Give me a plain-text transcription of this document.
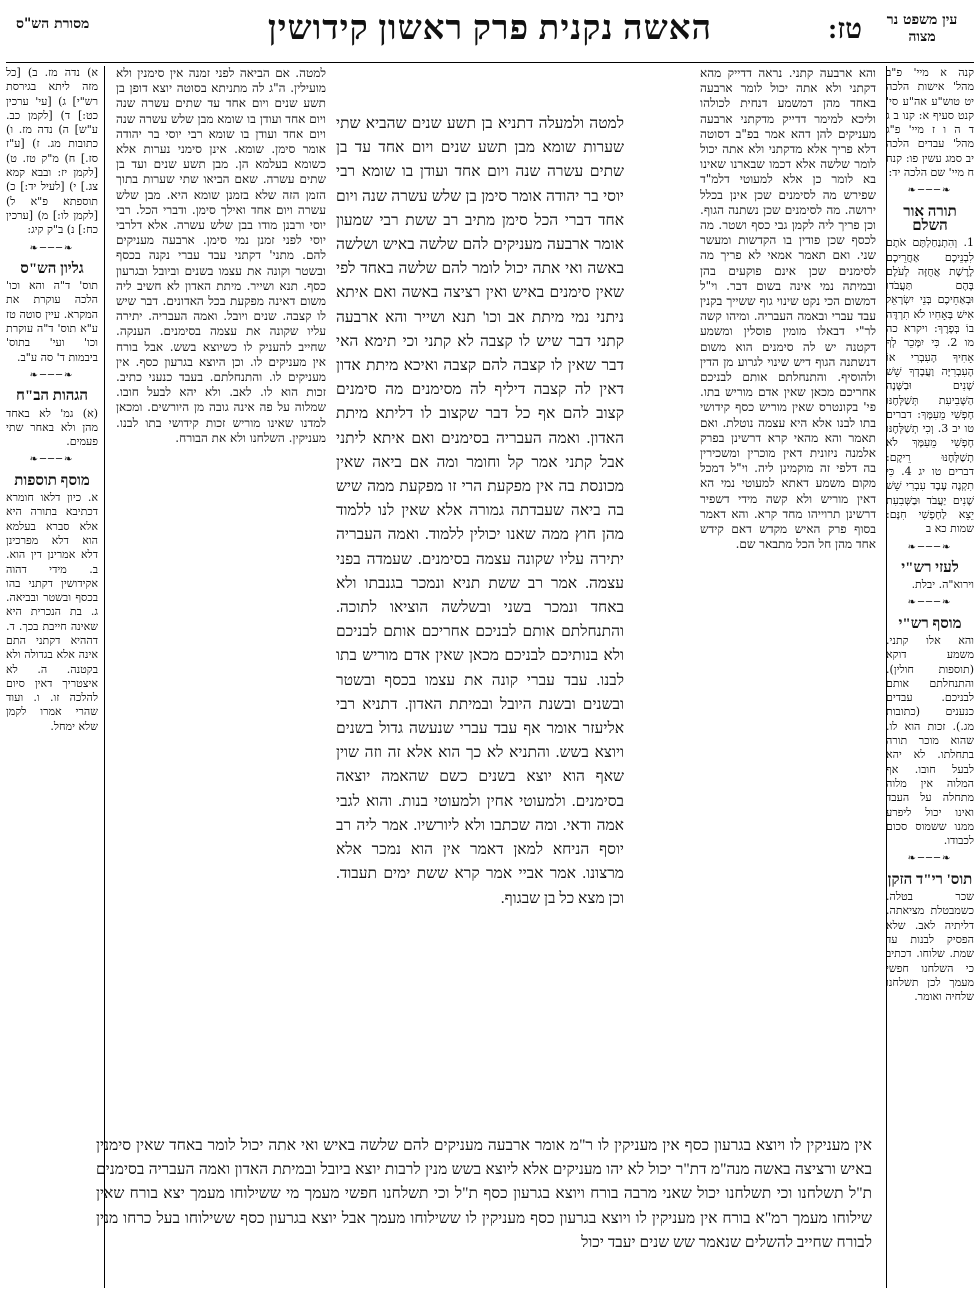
עין משפט נר מצוה
טז:
האשה נקנית פרק ראשון קידושין
מסורת הש"ס

קנה א מיי' פ"ב מהל' אישות הלכה יט טוש"ע אה"ע סי' קנט סעיף א: קנו ב ג ד ה ו ז מיי' פ"ג מהל' עבדים הלכה יב סמג עשין פו: קנח ח מיי' שם הלכה יד:

❧───❧
תורה אור השלם

1. וְהִתְנַחַלְתֶּם אֹתָם לִבְנֵיכֶם אַחֲרֵיכֶם לָרֶשֶׁת אֲחֻזָּה לְעֹלָם בָּהֶם תַּעֲבֹדוּ וּבְאַחֵיכֶם בְּנֵי יִשְׂרָאֵל אִישׁ בְּאָחִיו לֹא תִרְדֶּה בוֹ בְּפָרֶךְ: ויקרא כה מו 2. כִּי יִמָּכֵר לְךָ אָחִיךָ הָעִבְרִי אוֹ הָעִבְרִיָּה וַעֲבָדְךָ שֵׁשׁ שָׁנִים וּבַשָּׁנָה הַשְּׁבִיעִת תְּשַׁלְּחֶנּוּ חָפְשִׁי מֵעִמָּךְ: דברים טו יב 3. וְכִי תְשַׁלְּחֶנּוּ חָפְשִׁי מֵעִמָּךְ לֹא תְשַׁלְּחֶנּוּ רֵיקָם: דברים טו יג 4. כִּי תִקְנֶה עֶבֶד עִבְרִי שֵׁשׁ שָׁנִים יַעֲבֹד וּבַשְּׁבִעִת יֵצֵא לַחָפְשִׁי חִנָּם: שמות כא ב

❧───❧
לעזי רש"י

וירוא"ה. יבלת.

❧───❧
מוסף רש"י

והא אלו קתני. משמע דוקא (תוספות חולין). והתנחלתם אותם לבניכם. עבדים כנענים (כתובות מג.). זכות הוא לו. שהוא מוכר תורה בתחלתו. לא יהא לבעל חובו. אף המלוה אין מלוה מתחלה על העבד ואינו יכול ליפרע ממנו ששמוס סכום לכבודו.

❧───❧
תוס' רי"ד הזקן

שכר בטלה. כשמבטלת מציאתה. דליתיה לאב. שלא הפסיק לבנות עד שמת. שלוחו. דכתיב כי השלחנו חפשי מעמך לכן תשלחנו שלחיה ואומר.

והא ארבעה קתני. נראה דדייק מהא דקתני ולא אתה יכול לומר ארבעה באחד מהן דמשמע דנחית לכולהו וליכא למימר דדייק מדקתני ארבעה מעניקים להן דהא אמר בפ"ב דסוטה דלא פריך אלא מדקתני ולא אתה יכול לומר שלשה אלא דכמו שבארנו שאינו בא לומר כן אלא למעוטי דלמ"ד שפירש מה לסימנים שכן אינן בכלל ירושה. מה לסימנים שכן נשתנה הגוף. וכן פריך ליה לקמן גבי כסף ושטר. מה לכסף שכן פודין בו הקדשות ומעשר שני. ואם תאמר אמאי לא פריך מה לסימנים שכן אינם פוקעים בהן ובמיתה נמי אינה בשום דבר. וי"ל דמשום הכי נקט שינוי גוף ששייך בקנין עבד עברי ובאמה העבריה. ומיהו קשה לר"י דבאלו מומין פוסלין ומשמע דקטנה יש לה סימנים הוא משום דנשתנה הגוף דיש שינוי לגרוע מן הדין ולהוסיף. והתנחלתם אותם לבניכם אחריכם מכאן שאין אדם מוריש בתו. פי' בקונטרס שאין מוריש כסף קידושי בתו לבנו אלא היא עצמה נוטלת. ואם תאמר והא מהאי קרא דרשינן בפרק אלמנה ניזונית דאין מוכרין ומשכירין בה דלפי זה מוקמינן ליה. וי"ל דמכל מקום משמע דאתא למעוטי נמי הא דאין מוריש ולא קשה מידי דשפיר דרשינן תרוייהו מחד קרא. והא דאמר בסוף פרק האיש מקדש דאם קידש אחד מהן חל הכל מתבאר שם.

למטה ולמעלה דתניא בן תשע שנים שהביא שתי שערות שומא מבן תשע שנים ויום אחד עד בן שתים עשרה שנה ויום אחד ועודן בו שומא רבי יוסי בר יהודה אומר סימן בן שלש עשרה שנה ויום אחד דברי הכל סימן מתיב רב ששת רבי שמעון אומר ארבעה מעניקים להם שלשה באיש ושלשה באשה ואי אתה יכול לומר להם שלשה באחד לפי שאין סימנים באיש ואין רציצה באשה ואם איתא ניתני נמי מיתת אב וכו' תנא ושייר והא ארבעה קתני דבר שיש לו קצבה לא קתני וכי תימא האי דבר שאין לו קצבה להם קצבה ואיכא מיתת אדון דאין לה קצבה דיליף לה מסימנים מה סימנים קצוב להם אף כל דבר שקצוב לו דליתא מיתת האדון. ואמה העבריה בסימנים ואם איתא ליתני אבל קתני אמר קל וחומר ומה אם ביאה שאין מכונסת בה אין מפקעת הרי זו מפקעת ממה שיש בה ביאה שעבדתה גמורה אלא שאין לנו ללמוד מהן חוץ ממה שאנו יכולין ללמוד. ואמה העבריה יתירה עליו שקונה עצמה בסימנים. שעמדה בפני עצמה. אמר רב ששת תניא ונמכר בגנבתו ולא באחד ונמכר בשני ובשלשה הוציאו לתוכה. והתנחלתם אותם לבניכם אחריכם אותם לבניכם ולא בנותיכם לבניכם מכאן שאין אדם מוריש בתו לבנו. עבד עברי קונה את עצמו בכסף ובשטר ובשנים ובשנת היובל ובמיתת האדון. דתניא רבי אליעזר אומר אף עבד עברי שנעשה גדול בשנים ויוצא בשש. והתניא לא כך הוא אלא זה וזה שוין שאף הוא יוצא בשנים כשם שהאמה יוצאה בסימנים. ולמעוטי אחין ולמעוטי בנות. והוא לגבי אמה ודאי. ומה שכתבו ולא ליורשיו. אמר ליה רב יוסף הניחא למאן דאמר אין הוא נמכר אלא מרצונו. אמר אביי אמר קרא ששת ימים תעבוד. וכן מצא כל בן שבגוף.

למטה. אם הביאה לפני זמנה אין סימנין ולא מועילין. ה"ג לה מתניתא בסוטה יוצא דופן בן תשע שנים ויום אחד עד שתים עשרה שנה ויום אחד ועודן בו שומא מבן שלש עשרה שנה ויום אחד ועודן בו שומא רבי יוסי בר יהודה אומר סימן. שומא. אינן סימני נערות אלא כשומא בעלמא הן. מבן תשע שנים ועד בן שתים עשרה. שאם הביאו שתי שערות בתוך הזמן הזה שלא בזמנן שומא היא. מבן שלש עשרה ויום אחד ואילך סימן. ודברי הכל. רבי יוסי ורבנן מודו בבן שלש עשרה. אלא דלרבי יוסי לפני זמנן נמי סימן. ארבעה מעניקים להם. מתני' דקתני עבד עברי נקנה בכסף ובשטר וקונה את עצמו בשנים וביובל ובגרעון כסף. תנא ושייר. מיתת האדון לא חשיב ליה משום דאינה מפקעת בכל האדונים. דבר שיש לו קצבה. שנים ויובל. ואמה העבריה. יתירה עליו שקונה את עצמה בסימנים. הענקה. שחייב להעניק לו כשיוצא בשש. אבל בורח אין מעניקים לו. וכן היוצא בגרעון כסף. אין מעניקים לו. והתנחלתם. בעבד כנעני כתיב. זכות הוא לו. לאב. ולא יהא לבעל חובו. שמלוה על פה אינה גובה מן היורשים. ומכאן למדנו שאינו מוריש זכות קידושי בתו לבנו. מעניקין. השלחנו ולא את הבורח.

א) נדה מז. ב) [כל מזה ליתא בגירסת רש"י] ג) [עי' ערכין כט:] ד) [לקמן כב. ע"ש] ה) נדה מז. ו) כתובות מג. ז) [ע"ז סז.] ח) מ"ק טז. ט) [לקמן יז: ובבא קמא צג.] י) [לעיל יד:] כ) תוספתא פ"א ל) [לקמן לו:] מ) [ערכין כח:] נ) ב"ק קיג:

❧───❧
גליון הש"ס

תוס' ד"ה והא וכו' הלכה עוקרת את המקרא. עיין סוטה טז ע"א תוס' ד"ה עוקרת וכו' ועי' בתוס' ביבמות ד' סה ע"ב.

❧───❧
הגהות הב"ח

(א) גמ' לא באחד מהן ולא באחר שתי פעמים.

❧───❧
מוסף תוספות

א. כיון דלאו חומרא דכתיבא בתורה היא אלא סברא בעלמא הוא דלא מפרכינן דלא אמרינן דין הוא. ב. מידי דהוה אקידושין דקתני בהו בכסף ובשטר ובביאה. ג. בת הנכרית היא שאינה חייבת בכך. ד. דההיא דקתני התם אינה אלא בגדולה ולא בקטנה. ה. לא איצטריך דאין סיום להלכה זו. ו. ועוד שהרי אמרו לקמן שלא ימחל.

אין מעניקין לו ויוצא בגרעון כסף אין מעניקין לו ר"מ אומר ארבעה מעניקים להם שלשה באיש ואי אתה יכול לומר באחד שאין סימנין באיש ורציצה באשה מנה"מ דת"ר יכול לא יהו מעניקים אלא ליוצא בשש מנין לרבות יוצא ביובל ובמיתת האדון ואמה העבריה בסימנים ת"ל תשלחנו וכי תשלחנו יכול שאני מרבה בורח ויוצא בגרעון כסף ת"ל וכי תשלחנו חפשי מעמך מי ששילוחו מעמך יצא בורח שאין שילוחו מעמך רמ"א בורח אין מעניקין לו ויוצא בגרעון כסף מעניקין לו ששילוחו מעמך אבל יוצא בגרעון כסף ששילוחו בעל כרחו מנין לבורח שחייב להשלים שנאמר שש שנים יעבד יכול
